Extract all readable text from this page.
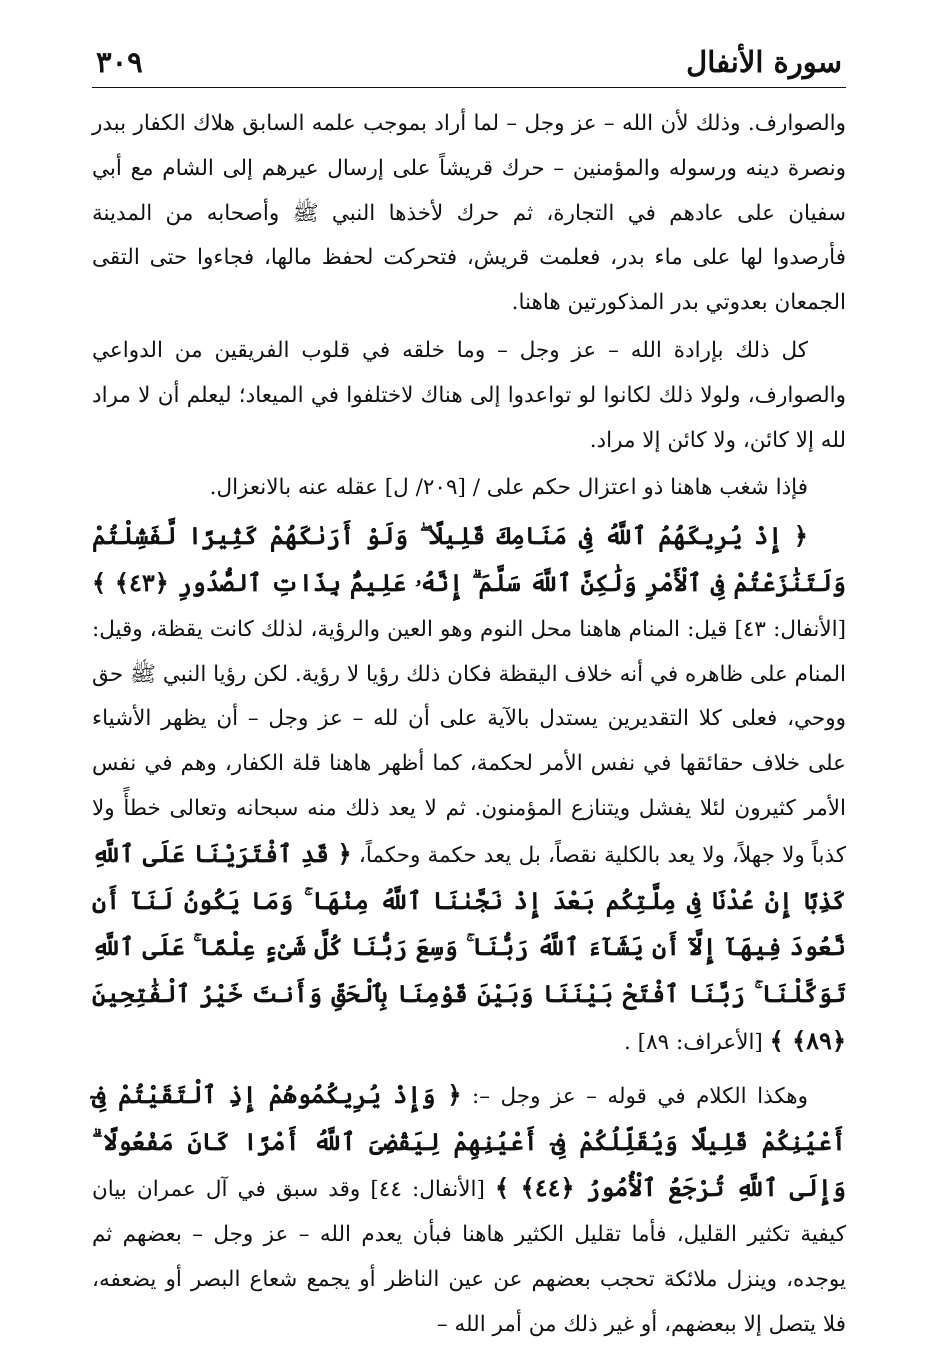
سورة الأنفال
٣٠٩

والصوارف. وذلك لأن الله – عز وجل – لما أراد بموجب علمه السابق هلاك الكفار ببدر ونصرة دينه ورسوله والمؤمنين – حرك قريشاً على إرسال عيرهم إلى الشام مع أبي سفيان على عادهم في التجارة، ثم حرك لأخذها النبي ﷺ وأصحابه من المدينة فأرصدوا لها على ماء بدر، فعلمت قريش، فتحركت لحفظ مالها، فجاءوا حتى التقى الجمعان بعدوتي بدر المذكورتين هاهنا.

كل ذلك بإرادة الله – عز وجل – وما خلقه في قلوب الفريقين من الدواعي والصوارف، ولولا ذلك لكانوا لو تواعدوا إلى هناك لاختلفوا في الميعاد؛ ليعلم أن لا مراد لله إلا كائن، ولا كائن إلا مراد.

فإذا شغب هاهنا ذو اعتزال حكم على / [٢٠٩/ ل] عقله عنه بالانعزال.

﴿ إِذْ يُرِيكَهُمُ ٱللَّهُ فِى مَنَامِكَ قَلِيلًا ۖ وَلَوْ أَرَىٰكَهُمْ كَثِيرًا لَّفَشِلْتُمْ وَلَتَنَٰزَعْتُمْ فِى ٱلْأَمْرِ وَلَٰكِنَّ ٱللَّهَ سَلَّمَ ۗ إِنَّهُۥ عَلِيمٌۢ بِذَاتِ ٱلصُّدُورِ ﴿٤٣﴾ ﴾ [الأنفال: ٤٣] قيل: المنام هاهنا محل النوم وهو العين والرؤية، لذلك كانت يقظة، وقيل: المنام على ظاهره في أنه خلاف اليقظة فكان ذلك رؤيا لا رؤية. لكن رؤيا النبي ﷺ حق ووحي، فعلى كلا التقديرين يستدل بالآية على أن لله – عز وجل – أن يظهر الأشياء على خلاف حقائقها في نفس الأمر لحكمة، كما أظهر هاهنا قلة الكفار، وهم في نفس الأمر كثيرون لئلا يفشل ويتنازع المؤمنون. ثم لا يعد ذلك منه سبحانه وتعالى خطأً ولا كذباً ولا جهلاً، ولا يعد بالكلية نقصاً، بل يعد حكمة وحكماً، ﴿ قَدِ ٱفْتَرَيْنَا عَلَى ٱللَّهِ كَذِبًا إِنْ عُدْنَا فِى مِلَّتِكُم بَعْدَ إِذْ نَجَّىٰنَا ٱللَّهُ مِنْهَا ۚ وَمَا يَكُونُ لَنَآ أَن نَّعُودَ فِيهَآ إِلَّآ أَن يَشَآءَ ٱللَّهُ رَبُّنَا ۚ وَسِعَ رَبُّنَا كُلَّ شَىْءٍ عِلْمًا ۚ عَلَى ٱللَّهِ تَوَكَّلْنَا ۚ رَبَّنَا ٱفْتَحْ بَيْنَنَا وَبَيْنَ قَوْمِنَا بِٱلْحَقِّ وَأَنتَ خَيْرُ ٱلْفَٰتِحِينَ ﴿٨٩﴾ ﴾ [الأعراف: ٨٩] .

وهكذا الكلام في قوله – عز وجل –: ﴿ وَإِذْ يُرِيكُمُوهُمْ إِذِ ٱلْتَقَيْتُمْ فِىٓ أَعْيُنِكُمْ قَلِيلًا وَيُقَلِّلُكُمْ فِىٓ أَعْيُنِهِمْ لِيَقْضِىَ ٱللَّهُ أَمْرًا كَانَ مَفْعُولًا ۗ وَإِلَى ٱللَّهِ تُرْجَعُ ٱلْأُمُورُ ﴿٤٤﴾ ﴾ [الأنفال: ٤٤] وقد سبق في آل عمران بيان كيفية تكثير القليل، فأما تقليل الكثير هاهنا فبأن يعدم الله – عز وجل – بعضهم ثم يوجده، وينزل ملائكة تحجب بعضهم عن عين الناظر أو يجمع شعاع البصر أو يضعفه، فلا يتصل إلا ببعضهم، أو غير ذلك من أمر الله –
